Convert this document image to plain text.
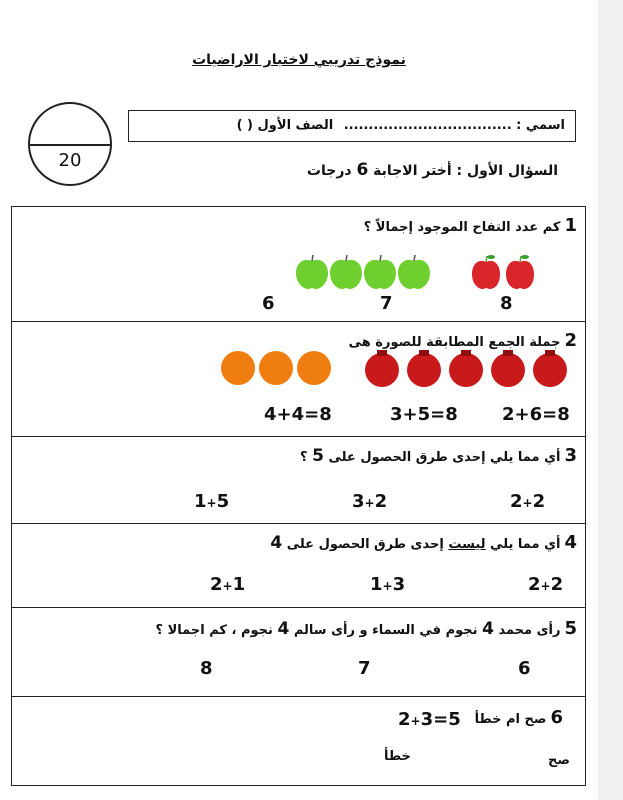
نموذج تدريبي لاختبار الاراضيات
20
اسمي : .................................. الصف الأول ( )
السؤال الأول : أختر الاجابة 6 درجات
1كم عدد التفاح الموجود إجمالاً ؟
8
7
6
2جملة الجمع المطابقة للصورة هى
2+6=8
3+5=8
4+4=8
3أي مما يلي إحدى طرق الحصول على 5 ؟
2+2
3+2
1+5
4أي مما يلي ليست إحدى طرق الحصول على 4
2+2
1+3
2+1
5رأى محمد 4 نجوم في السماء و رأى سالم 4 نجوم ، كم اجمالا ؟
6
7
8
6صح ام خطأ
2+3=5
صح
خطأ
